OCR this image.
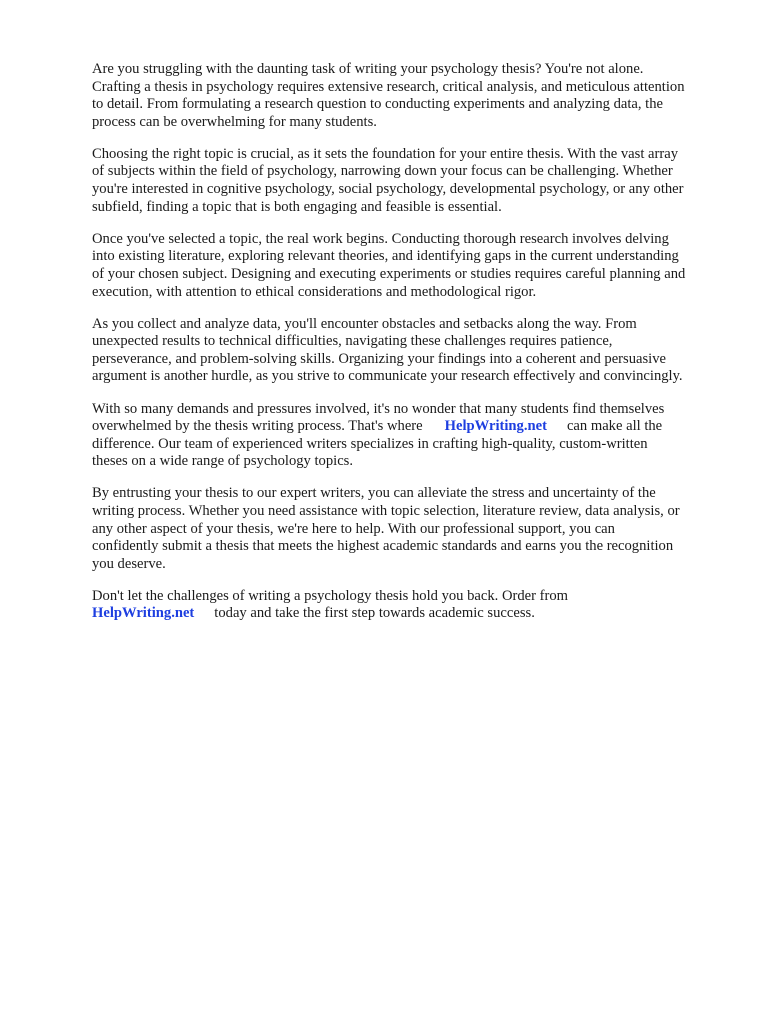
Are you struggling with the daunting task of writing your psychology thesis? You're not alone.
Crafting a thesis in psychology requires extensive research, critical analysis, and meticulous attention
to detail. From formulating a research question to conducting experiments and analyzing data, the
process can be overwhelming for many students.

Choosing the right topic is crucial, as it sets the foundation for your entire thesis. With the vast array
of subjects within the field of psychology, narrowing down your focus can be challenging. Whether
you're interested in cognitive psychology, social psychology, developmental psychology, or any other
subfield, finding a topic that is both engaging and feasible is essential.

Once you've selected a topic, the real work begins. Conducting thorough research involves delving
into existing literature, exploring relevant theories, and identifying gaps in the current understanding
of your chosen subject. Designing and executing experiments or studies requires careful planning and
execution, with attention to ethical considerations and methodological rigor.

As you collect and analyze data, you'll encounter obstacles and setbacks along the way. From
unexpected results to technical difficulties, navigating these challenges requires patience,
perseverance, and problem-solving skills. Organizing your findings into a coherent and persuasive
argument is another hurdle, as you strive to communicate your research effectively and convincingly.

With so many demands and pressures involved, it's no wonder that many students find themselves
overwhelmed by the thesis writing process. That's where HelpWriting.net can make all the
difference. Our team of experienced writers specializes in crafting high-quality, custom-written
theses on a wide range of psychology topics.

By entrusting your thesis to our expert writers, you can alleviate the stress and uncertainty of the
writing process. Whether you need assistance with topic selection, literature review, data analysis, or
any other aspect of your thesis, we're here to help. With our professional support, you can
confidently submit a thesis that meets the highest academic standards and earns you the recognition
you deserve.

Don't let the challenges of writing a psychology thesis hold you back. Order from
HelpWriting.net today and take the first step towards academic success.
